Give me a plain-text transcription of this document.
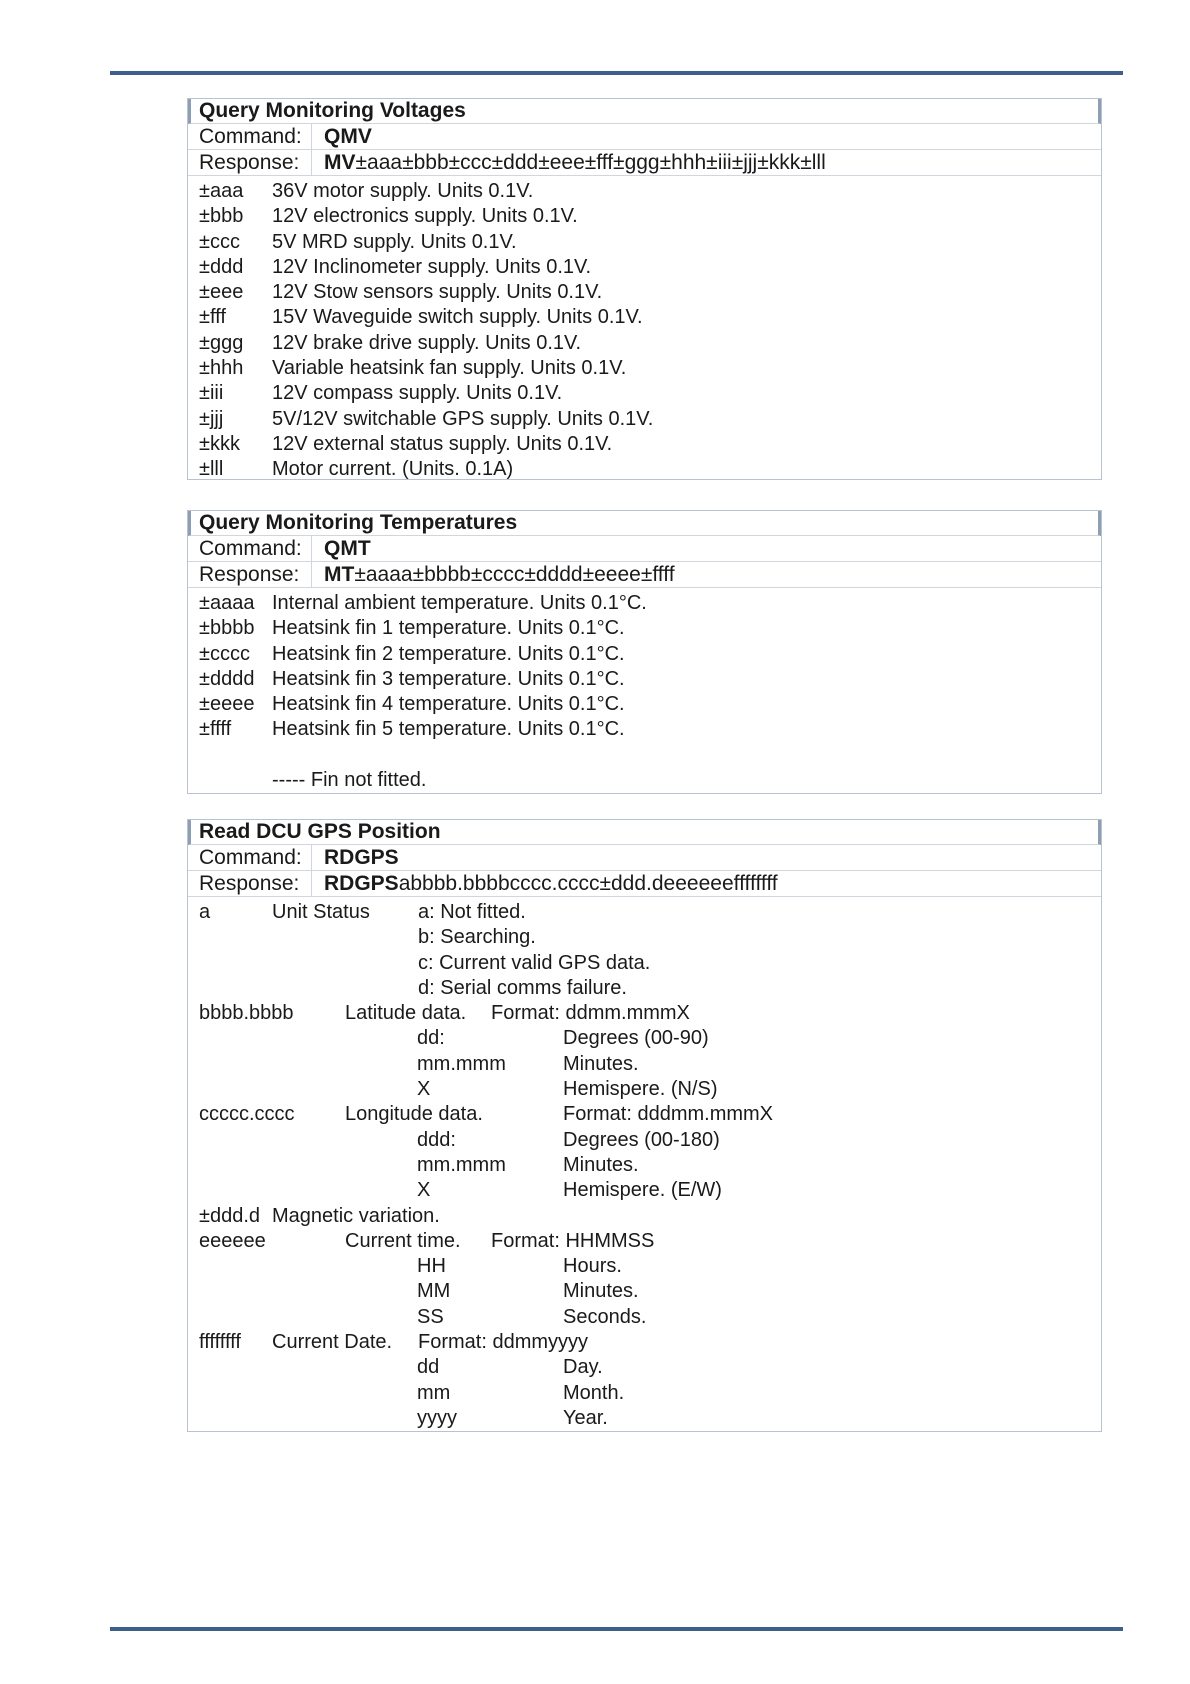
Query Monitoring Voltages
Command:	QMV
Response:	MV±aaa±bbb±ccc±ddd±eee±fff±ggg±hhh±iii±jjj±kkk±lll
±aaa	36V motor supply. Units 0.1V.
±bbb	12V electronics supply. Units 0.1V.
±ccc	5V MRD supply. Units 0.1V.
±ddd	12V Inclinometer supply. Units 0.1V.
±eee	12V Stow sensors supply. Units 0.1V.
±fff	15V Waveguide switch supply. Units 0.1V.
±ggg	12V brake drive supply. Units 0.1V.
±hhh	Variable heatsink fan supply. Units 0.1V.
±iii	12V compass supply. Units 0.1V.
±jjj	5V/12V switchable GPS supply. Units 0.1V.
±kkk	12V external status supply. Units 0.1V.
±lll	Motor current. (Units. 0.1A)
Query Monitoring Temperatures
Command:	QMT
Response:	MT±aaaa±bbbb±cccc±dddd±eeee±ffff
±aaaa Internal ambient temperature. Units 0.1°C.
±bbbb Heatsink fin 1 temperature. Units 0.1°C.
±cccc	Heatsink fin 2 temperature. Units 0.1°C.
±dddd Heatsink fin 3 temperature. Units 0.1°C.
±eeee Heatsink fin 4 temperature. Units 0.1°C.
±ffff	Heatsink fin 5 temperature. Units 0.1°C.
----- Fin not fitted.
Read DCU GPS Position
Command:	RDGPS
Response:	RDGPSabbbb.bbbbcccc.cccc±ddd.deeeeeeffffffff
a	Unit Status	a: Not fitted.
b: Searching.
c: Current valid GPS data.
d: Serial comms failure.
bbbb.bbbb	Latitude data.	Format: ddmm.mmmX
dd:	Degrees (00-90)
mm.mmm	Minutes.
X	Hemispere. (N/S)
ccccc.cccc	Longitude data.	Format: dddmm.mmmX
ddd:	Degrees (00-180)
mm.mmm	Minutes.
X	Hemispere. (E/W)
±ddd.d Magnetic variation.
eeeeee	Current time.	Format: HHMMSS
HH	Hours.
MM	Minutes.
SS	Seconds.
ffffffff	Current Date.	Format: ddmmyyyy
dd	Day.
mm	Month.
yyyy	Year.
